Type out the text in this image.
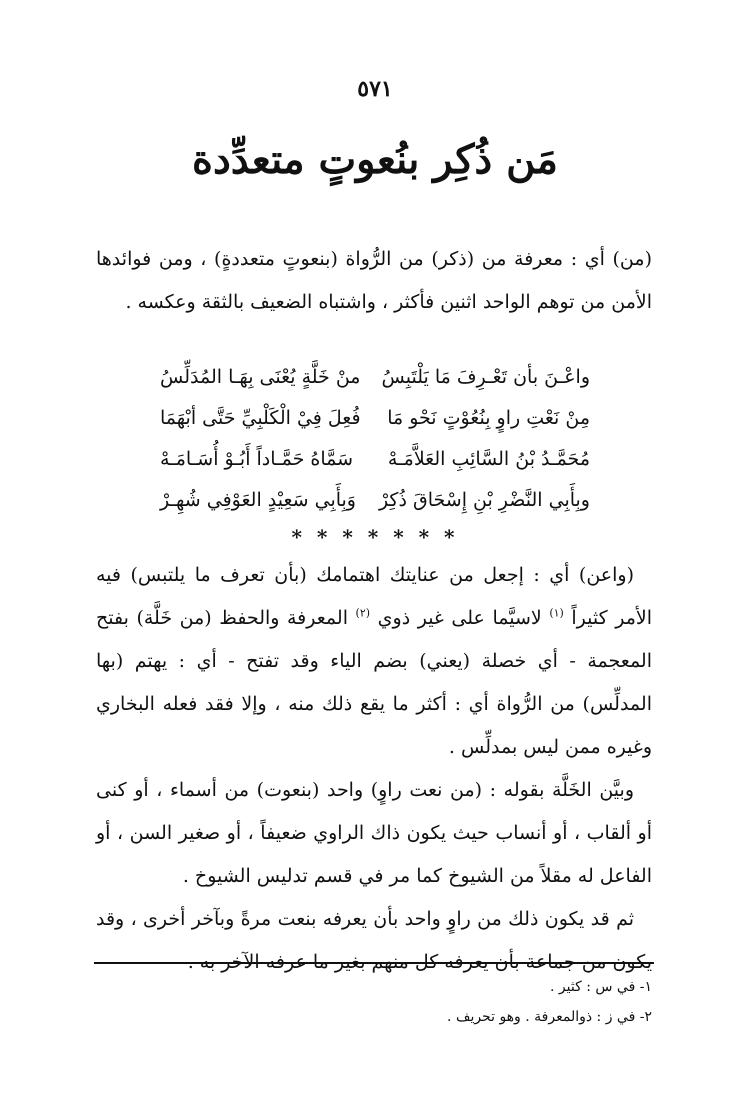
٥٧١
مَن ذُكِر بنُعوتٍ متعدِّدة

(من) أي : معرفة من (ذكر) من الرُّواة (بنعوتٍ متعددةٍ) ، ومن فوائدها الأمن من توهم الواحد اثنين فأكثر ، واشتباه الضعيف بالثقة وعكسه .

واعْـنَ بأن تَعْـرِفَ مَا يَلْتَبِسُ
منْ خَلَّةٍ يُعْنَى بِهَـا المُدَلِّسُ
مِنْ نَعْتِ راوٍ بِنُعُوْتٍ نَحْو مَا
فُعِلَ فِيْ الْكَلْبِيِّ حَتَّى أبْهَمَا
مُحَمَّـدُ بْنُ السَّائِبِ العَلاَّمَـهْ
سَمَّاهُ حَمَّـاداً أَبُـوْ أُسَـامَـهْ
وبِأَبِي النَّضْرِ بْنِ إِسْحَاقَ ذُكِرْ
وَبِأَبِي سَعِيْدٍ العَوْفِي شُهِـرْ
* * * * * * *

(واعن) أي : إجعل من عنايتك اهتمامك (بأن تعرف ما يلتبس) فيه الأمر كثيراً $^{(١)}$ لاسيَّما على غير ذوي $^{(٢)}$ المعرفة والحفظ (من خَلَّة) بفتح المعجمة - أي خصلة (يعني) بضم الياء وقد تفتح - أي : يهتم (بها المدلِّس) من الرُّواة أي : أكثر ما يقع ذلك منه ، وإلا فقد فعله البخاري وغيره ممن ليس بمدلِّس .

وبيَّن الخَلَّة بقوله : (من نعت راوٍ) واحد (بنعوت) من أسماء ، أو كنى أو ألقاب ، أو أنساب حيث يكون ذاك الراوي ضعيفاً ، أو صغير السن ، أو الفاعل له مقلاً من الشيوخ كما مر في قسم تدليس الشيوخ .

ثم قد يكون ذلك من راوٍ واحد بأن يعرفه بنعت مرةً وبآخر أخرى ، وقد يكون من جماعة بأن يعرفه كل منهم بغير ما عرفه الآخر به .

١- في س : كثير .
٢- في ز : ذوالمعرفة . وهو تحريف .
